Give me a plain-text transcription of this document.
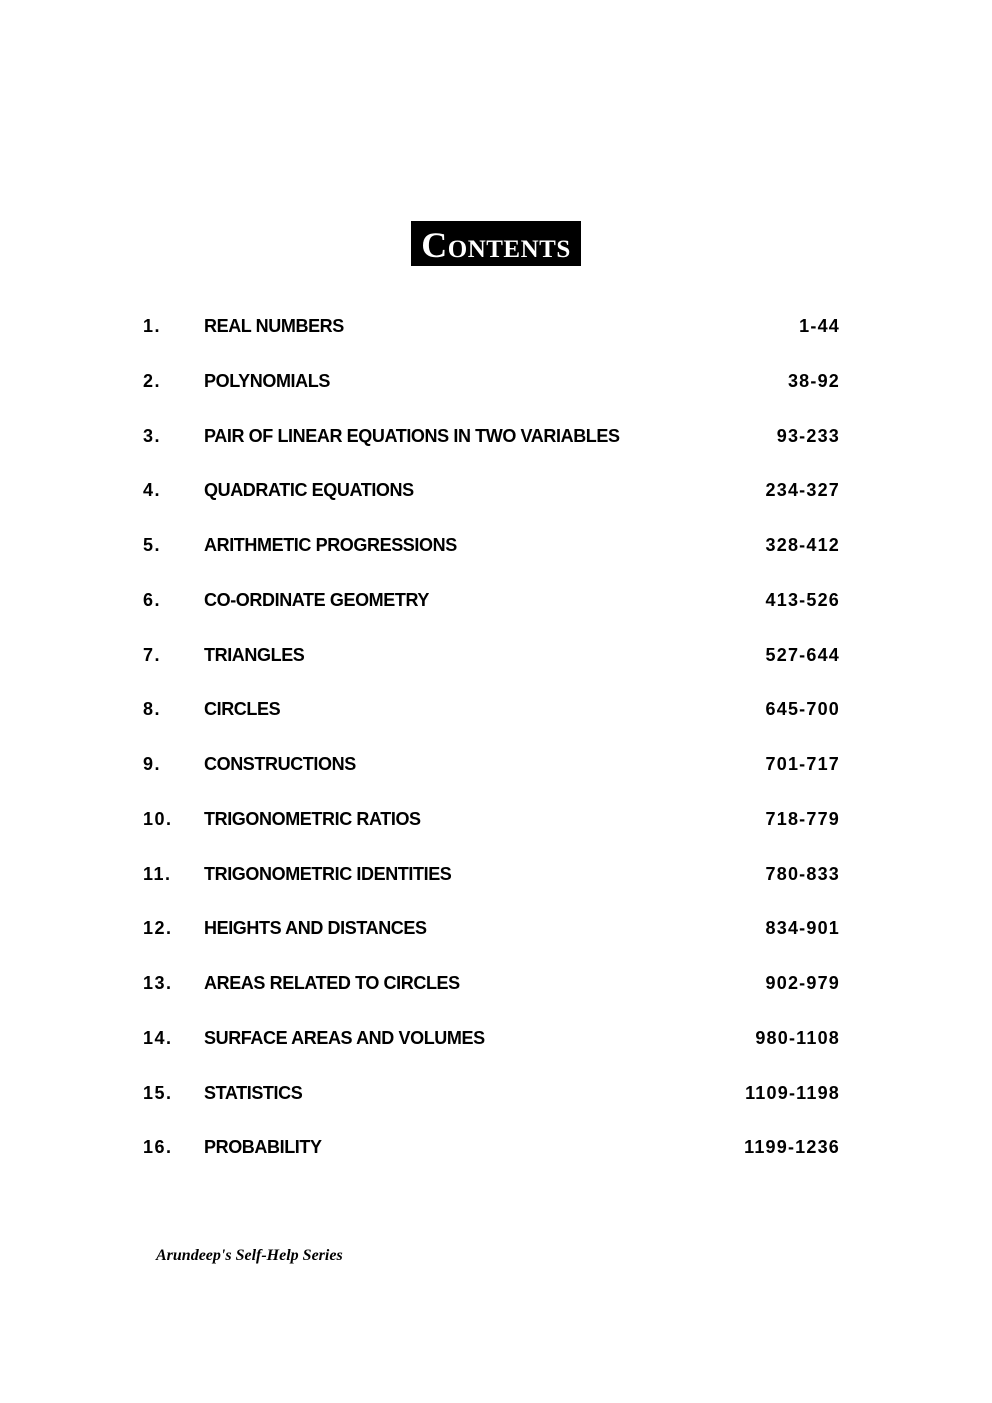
Contents
1. REAL NUMBERS	1-44
2. POLYNOMIALS	38-92
3. PAIR OF LINEAR EQUATIONS IN TWO VARIABLES	93-233
4. QUADRATIC EQUATIONS	234-327
5. ARITHMETIC PROGRESSIONS	328-412
6. CO-ORDINATE GEOMETRY	413-526
7. TRIANGLES	527-644
8. CIRCLES	645-700
9. CONSTRUCTIONS	701-717
10. TRIGONOMETRIC RATIOS	718-779
11. TRIGONOMETRIC IDENTITIES	780-833
12. HEIGHTS AND DISTANCES	834-901
13. AREAS RELATED TO CIRCLES	902-979
14. SURFACE AREAS AND VOLUMES	980-1108
15. STATISTICS	1109-1198
16. PROBABILITY	1199-1236
Arundeep's Self-Help Series
